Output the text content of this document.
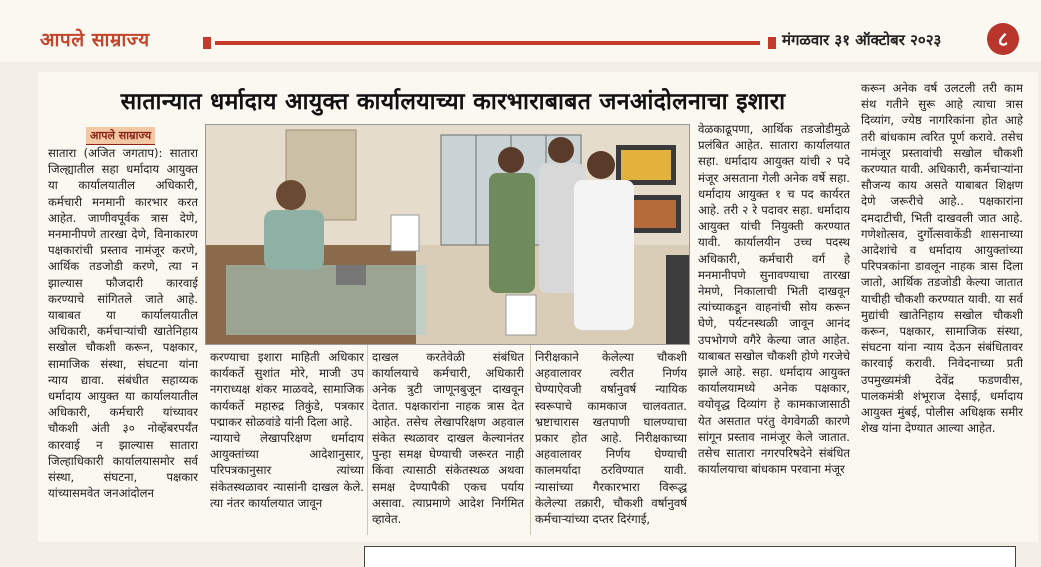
आपले साम्राज्य	मंगळवार ३१ ऑक्टोबर २०२३	८
सातान्यात धर्मादाय आयुक्त कार्यालयाच्या कारभाराबाबत जनआंदोलनाचा इशारा
आपले साम्राज्य
सातारा (अजित जगताप): सातारा जिल्ह्यातील सहा धर्मादाय आयुक्त या कार्यालयातील अधिकारी, कर्मचारी मनमानी कारभार करत आहेत. जाणीवपूर्वक त्रास देणे, मनमानीपणे तारखा देणे, विनाकारण पक्षकारांची प्रस्ताव नामंजूर करणे, आर्थिक तडजोडी करणे, त्या न झाल्यास फौजदारी कारवाई करण्याचे सांगितले जाते आहे. याबाबत या कार्यालयातील अधिकारी, कर्मचाऱ्यांची खातेनिहाय सखोल चौकशी करून, पक्षकार, सामाजिक संस्था, संघटना यांना न्याय द्यावा. संबंधीत सहाय्यक धर्मादाय आयुक्त या कार्यालयातील अधिकारी, कर्मचारी यांच्यावर चौकशी अंती ३० नोव्हेंबरपर्यंत कारवाई न झाल्यास सातारा जिल्हाधिकारी कार्यालयासमोर सर्व संस्था, संघटना, पक्षकार यांच्यासमवेत जनआंदोलन
करण्याचा इशारा माहिती अधिकार कार्यकर्ते सुशांत मोरे, माजी उप नगराध्यक्ष शंकर माळवदे, सामाजिक कार्यकर्ते महारुद्र तिकुंडे, पत्रकार पद्माकर सोळवांडे यांनी दिला आहे.
न्यायाचे लेखापरिक्षण धर्मादाय आयुक्तांच्या आदेशानुसार, परिपत्रकानुसार त्यांच्या संकेतस्थळावर न्यासांनी दाखल केले. त्या नंतर कार्यालयात जावून
दाखल करतेवेळी संबंधित कार्यालयाचे कर्मचारी, अधिकारी अनेक त्रुटी जाणूनबुजून दाखवून देतात. पक्षकारांना नाहक त्रास देत आहेत. तसेच लेखापरिक्षण अहवाल संकेत स्थळावर दाखल केल्यानंतर पुन्हा समक्ष घेण्याची जरूरत नाही किंवा त्यासाठी संकेतस्थळ अथवा समक्ष देण्यापैकी एकच पर्याय असावा. त्याप्रमाणे आदेश निर्गमित व्हावेत.
निरीक्षकाने केलेल्या चौकशी अहवालावर त्वरीत निर्णय घेण्याऐवजी वर्षानुवर्ष न्यायिक स्वरूपाचे कामकाज चालवतात. भ्रष्टाचारास खतपाणी घालण्याचा प्रकार होत आहे. निरीक्षकाच्या अहवालावर निर्णय घेण्याची कालमर्यादा ठरविण्यात यावी. न्यासांच्या गैरकारभारा विरूद्ध केलेल्या तक्रारी, चौकशी वर्षानुवर्ष कर्मचाऱ्यांच्या दप्तर दिरंगाई,
वेळकाढूपणा, आर्थिक तडजोडीमुळे प्रलंबित आहेत. सातारा कार्यालयात सहा. धर्मादाय आयुक्त यांची २ पदे मंजूर असताना गेली अनेक वर्षे सहा. धर्मादाय आयुक्त १ च पद कार्यरत आहे. तरी २ रे पदावर सहा. धर्मादाय आयुक्त यांची नियुक्ती करण्यात यावी. कार्यालयीन उच्च पदस्थ अधिकारी, कर्मचारी वर्ग हे मनमानीपणे सुनावण्याचा तारखा नेमणे, निकालाची भिती दाखवून त्यांच्याकडून वाहनांची सोय करून घेणे, पर्यटनस्थळी जावून आनंद उपभोगणे वगैरे केल्या जात आहेत. याबाबत सखोल चौकशी होणे गरजेचे झाले आहे. सहा. धर्मादाय आयुक्त कार्यालयामध्ये अनेक पक्षकार, वयोवृद्ध दिव्यांग हे कामकाजासाठी येत असतात परंतु वेगवेगळी कारणे सांगून प्रस्ताव नामंजूर केले जातात. तसेच सातारा नगरपरिषदेने संबंधित कार्यालयाचा बांधकाम परवाना मंजूर
करून अनेक वर्ष उलटली तरी काम संथ गतीने सुरू आहे त्याचा त्रास दिव्यांग, ज्येष्ठ नागरिकांना होत आहे तरी बांधकाम त्वरित पूर्ण करावे. तसेच नामंजूर प्रस्तावांची सखोल चौकशी करण्यात यावी. अधिकारी, कर्मचाऱ्यांना सौजन्य काय असते याबाबत शिक्षण देणे जरूरीचे आहे.. पक्षकारांना दमदाटीची, भिती दाखवली जात आहे. गणेशोत्सव, दुर्गोत्सवाकेंडी शासनाच्या आदेशांचे व धर्मादाय आयुक्तांच्या परिपत्रकांना डावलून नाहक त्रास दिला जातो, आर्थिक तडजोडी केल्या जातात याचीही चौकशी करण्यात यावी. या सर्व मुद्यांची खातेनिहाय सखोल चौकशी करून, पक्षकार, सामाजिक संस्था, संघटना यांना न्याय देऊन संबंधितावर कारवाई करावी. निवेदनाच्या प्रती उपमुख्यमंत्री देवेंद्र फडणवीस, पालकमंत्री शंभूराज देसाई, धर्मादाय आयुक्त मुंबई, पोलीस अधिक्षक समीर शेख यांना देण्यात आल्या आहेत.
